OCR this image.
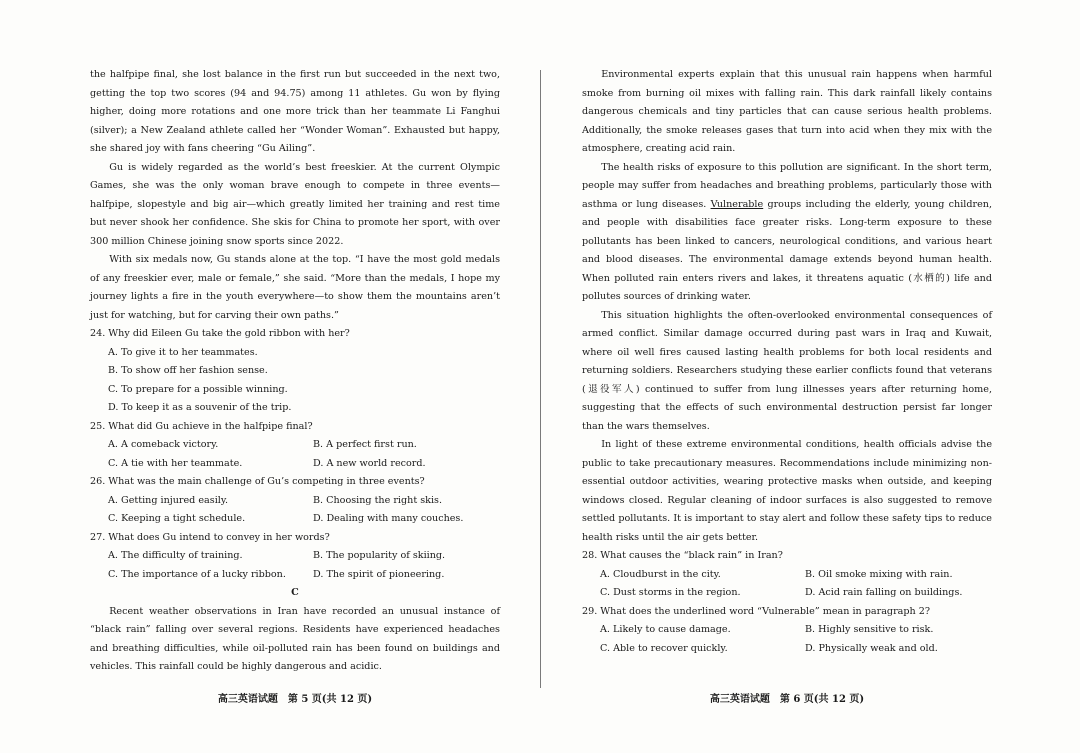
the halfpipe final, she lost balance in the first run but succeeded in the next two, getting the top two scores (94 and 94.75) among 11 athletes. Gu won by flying higher, doing more rotations and one more trick than her teammate Li Fanghui (silver); a New Zealand athlete called her “Wonder Woman”. Exhausted but happy, she shared joy with fans cheering “Gu Ailing”.

Gu is widely regarded as the world’s best freeskier. At the current Olympic Games, she was the only woman brave enough to compete in three events—halfpipe, slopestyle and big air—which greatly limited her training and rest time but never shook her confidence. She skis for China to promote her sport, with over 300 million Chinese joining snow sports since 2022.

With six medals now, Gu stands alone at the top. “I have the most gold medals of any freeskier ever, male or female,” she said. “More than the medals, I hope my journey lights a fire in the youth everywhere—to show them the mountains aren’t just for watching, but for carving their own paths.”

24. Why did Eileen Gu take the gold ribbon with her?

A. To give it to her teammates.
B. To show off her fashion sense.
C. To prepare for a possible winning.
D. To keep it as a souvenir of the trip.

25. What did Gu achieve in the halfpipe final?

A. A comeback victory.	B. A perfect first run.
C. A tie with her teammate.	D. A new world record.

26. What was the main challenge of Gu’s competing in three events?

A. Getting injured easily.	B. Choosing the right skis.
C. Keeping a tight schedule.	D. Dealing with many couches.

27. What does Gu intend to convey in her words?

A. The difficulty of training.	B. The popularity of skiing.
C. The importance of a lucky ribbon.	D. The spirit of pioneering.

C

Recent weather observations in Iran have recorded an unusual instance of “black rain” falling over several regions. Residents have experienced headaches and breathing difficulties, while oil-polluted rain has been found on buildings and vehicles. This rainfall could be highly dangerous and acidic.

Environmental experts explain that this unusual rain happens when harmful smoke from burning oil mixes with falling rain. This dark rainfall likely contains dangerous chemicals and tiny particles that can cause serious health problems. Additionally, the smoke releases gases that turn into acid when they mix with the atmosphere, creating acid rain.

The health risks of exposure to this pollution are significant. In the short term, people may suffer from headaches and breathing problems, particularly those with asthma or lung diseases. Vulnerable groups including the elderly, young children, and people with disabilities face greater risks. Long-term exposure to these pollutants has been linked to cancers, neurological conditions, and various heart and blood diseases. The environmental damage extends beyond human health. When polluted rain enters rivers and lakes, it threatens aquatic (水栖的) life and pollutes sources of drinking water.

This situation highlights the often-overlooked environmental consequences of armed conflict. Similar damage occurred during past wars in Iraq and Kuwait, where oil well fires caused lasting health problems for both local residents and returning soldiers. Researchers studying these earlier conflicts found that veterans (退役军人) continued to suffer from lung illnesses years after returning home, suggesting that the effects of such environmental destruction persist far longer than the wars themselves.

In light of these extreme environmental conditions, health officials advise the public to take precautionary measures. Recommendations include minimizing non-essential outdoor activities, wearing protective masks when outside, and keeping windows closed. Regular cleaning of indoor surfaces is also suggested to remove settled pollutants. It is important to stay alert and follow these safety tips to reduce health risks until the air gets better.

28. What causes the “black rain” in Iran?

A. Cloudburst in the city.	B. Oil smoke mixing with rain.
C. Dust storms in the region.	D. Acid rain falling on buildings.

29. What does the underlined word “Vulnerable” mean in paragraph 2?

A. Likely to cause damage.	B. Highly sensitive to risk.
C. Able to recover quickly.	D. Physically weak and old.
高三英语试题　第 5 页(共 12 页)	高三英语试题　第 6 页(共 12 页)
